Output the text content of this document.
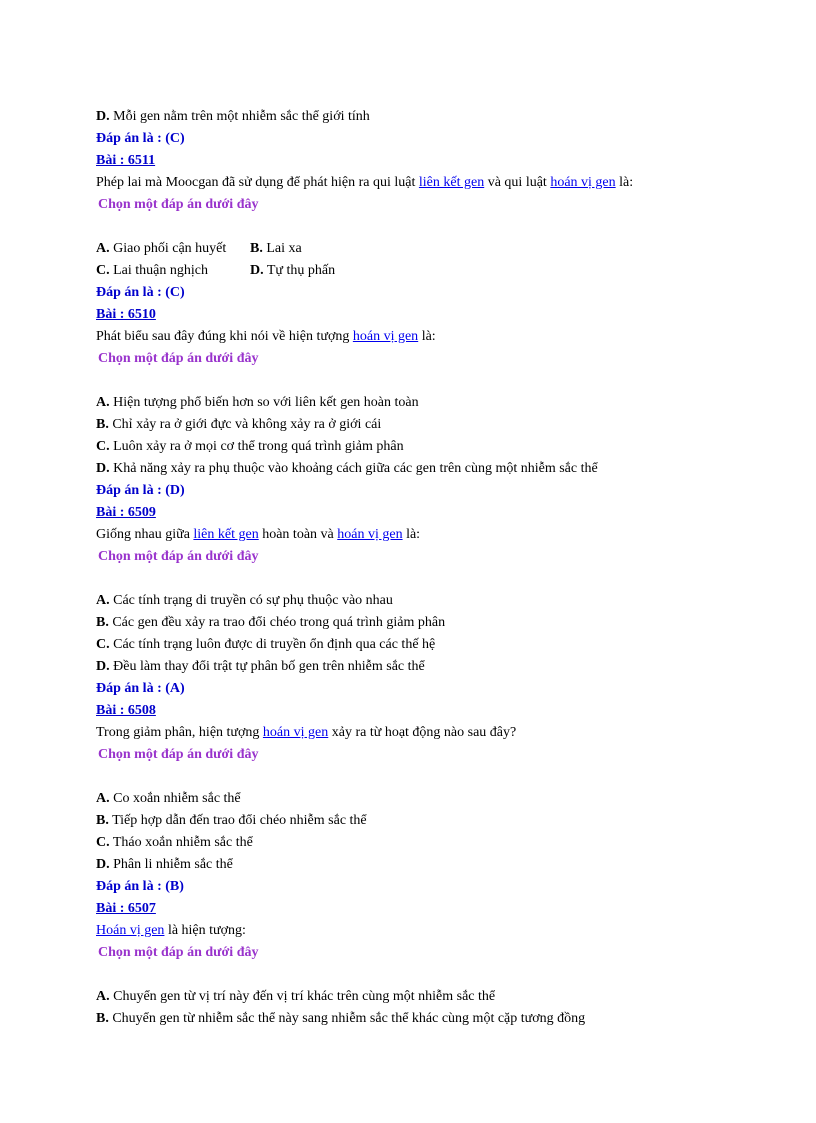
D. Mỗi gen nằm trên một nhiễm sắc thể giới tính
Đáp án là : (C)
Bài : 6511
Phép lai mà Moocgan đã sử dụng để phát hiện ra qui luật liên kết gen và qui luật hoán vị gen là:
Chọn một đáp án dưới đây
A. Giao phối cận huyết B. Lai xa
C. Lai thuận nghịch	D. Tự thụ phấn
Đáp án là : (C)
Bài : 6510
Phát biểu sau đây đúng khi nói về hiện tượng hoán vị gen là:
Chọn một đáp án dưới đây
A. Hiện tượng phổ biến hơn so với liên kết gen hoàn toàn
B. Chỉ xảy ra ở giới đực và không xảy ra ở giới cái
C. Luôn xảy ra ở mọi cơ thể trong quá trình giảm phân
D. Khả năng xảy ra phụ thuộc vào khoảng cách giữa các gen trên cùng một nhiễm sắc thể
Đáp án là : (D)
Bài : 6509
Giống nhau giữa liên kết gen hoàn toàn và hoán vị gen là:
Chọn một đáp án dưới đây
A. Các tính trạng di truyền có sự phụ thuộc vào nhau
B. Các gen đều xảy ra trao đổi chéo trong quá trình giảm phân
C. Các tính trạng luôn được di truyền ổn định qua các thế hệ
D. Đều làm thay đổi trật tự phân bố gen trên nhiễm sắc thể
Đáp án là : (A)
Bài : 6508
Trong giảm phân, hiện tượng hoán vị gen xảy ra từ hoạt động nào sau đây?
Chọn một đáp án dưới đây
A. Co xoắn nhiễm sắc thể
B. Tiếp hợp dẫn đến trao đổi chéo nhiễm sắc thể
C. Tháo xoắn nhiễm sắc thể
D. Phân li nhiễm sắc thể
Đáp án là : (B)
Bài : 6507
Hoán vị gen là hiện tượng:
Chọn một đáp án dưới đây
A. Chuyển gen từ vị trí này đến vị trí khác trên cùng một nhiễm sắc thể
B. Chuyển gen từ nhiễm sắc thể này sang nhiễm sắc thể khác cùng một cặp tương đồng
